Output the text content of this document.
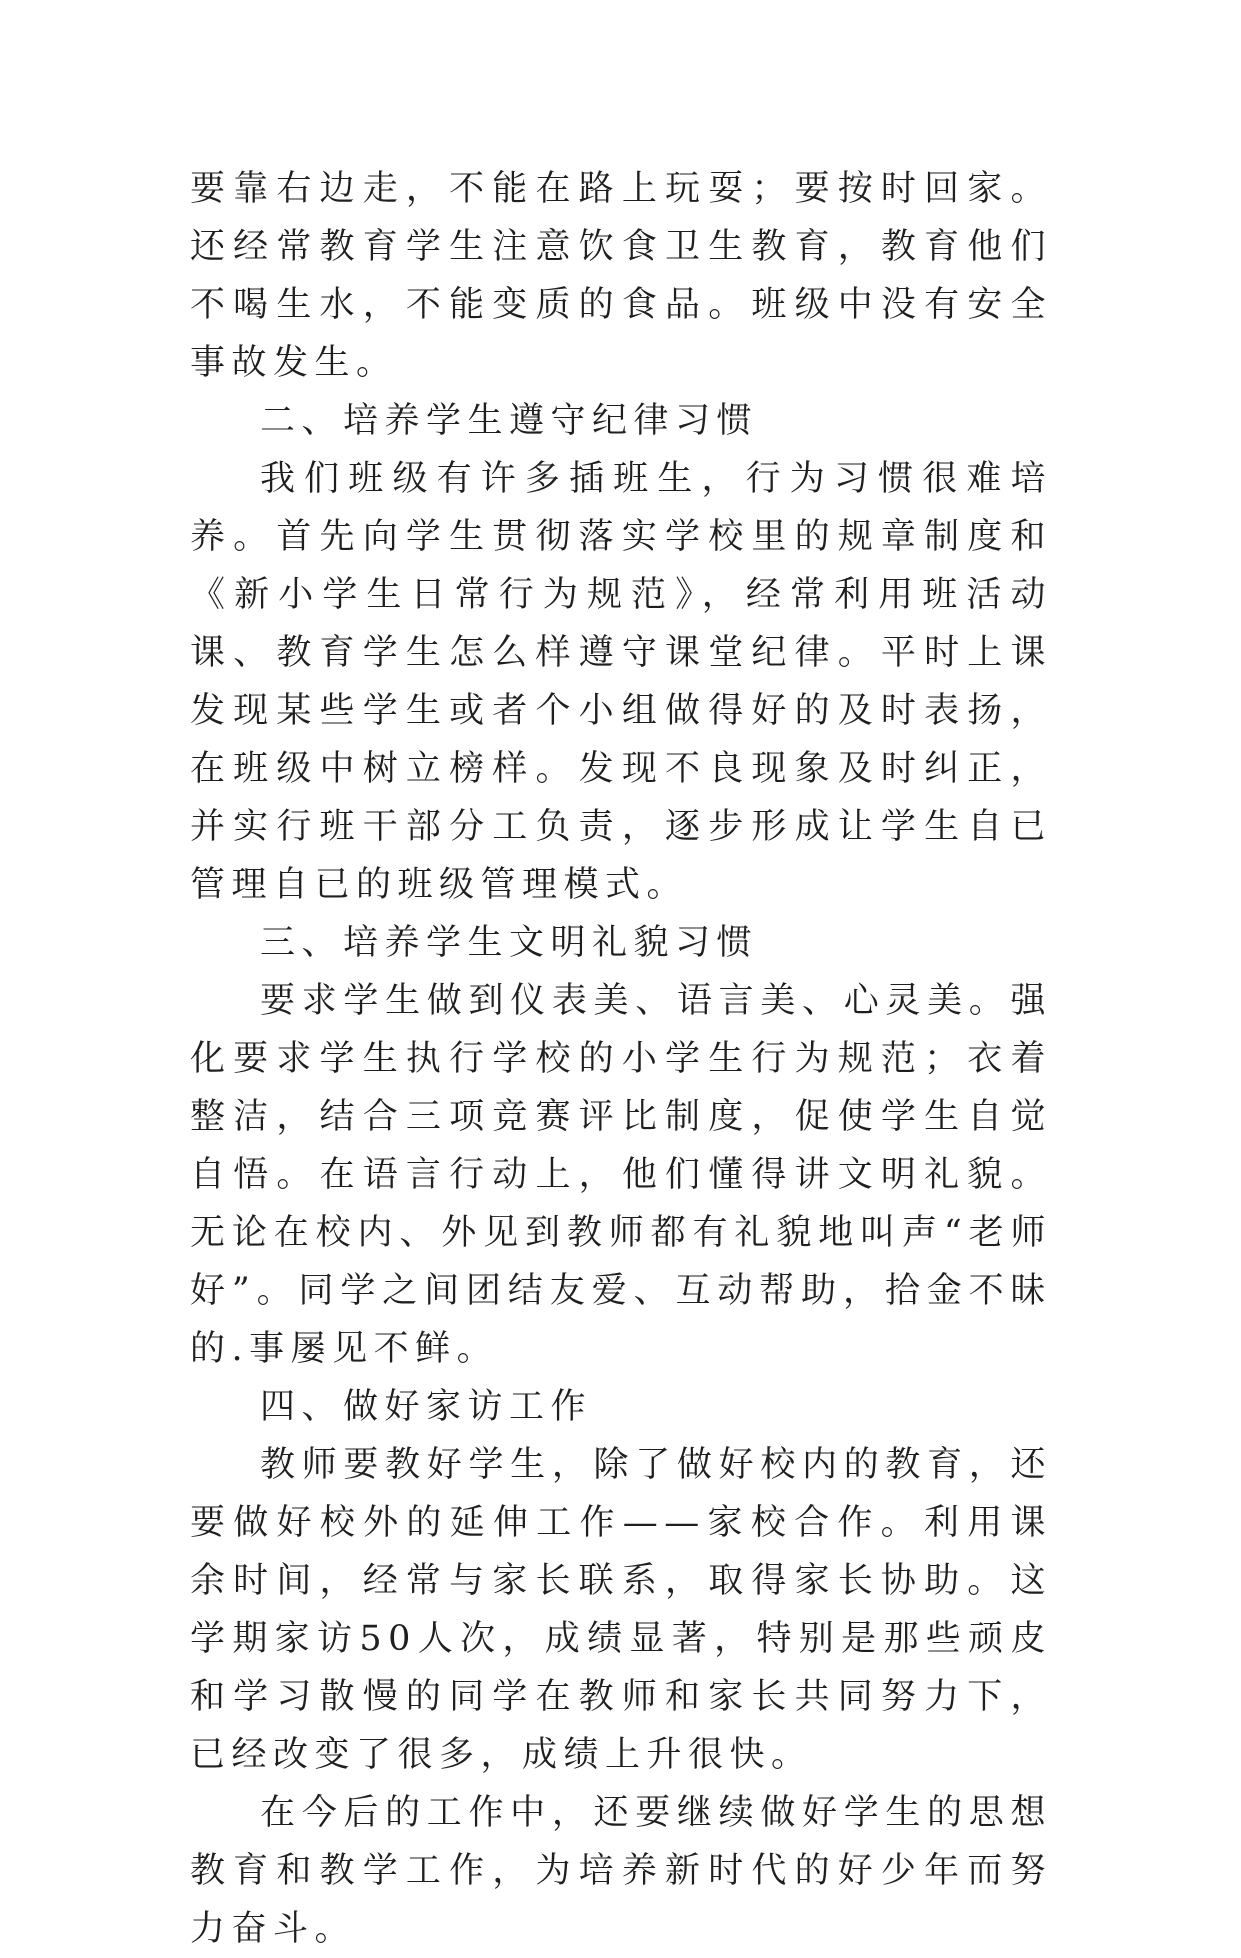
要靠右边走，不能在路上玩耍；要按时回家。还经常教育学生注意饮食卫生教育，教育他们不喝生水，不能变质的食品。班级中没有安全事故发生。

二、培养学生遵守纪律习惯

我们班级有许多插班生，行为习惯很难培养。首先向学生贯彻落实学校里的规章制度和《新小学生日常行为规范》，经常利用班活动课、教育学生怎么样遵守课堂纪律。平时上课发现某些学生或者个小组做得好的及时表扬，在班级中树立榜样。发现不良现象及时纠正，并实行班干部分工负责，逐步形成让学生自已管理自已的班级管理模式。

三、培养学生文明礼貌习惯

要求学生做到仪表美、语言美、心灵美。强化要求学生执行学校的小学生行为规范；衣着整洁，结合三项竞赛评比制度，促使学生自觉自悟。在语言行动上，他们懂得讲文明礼貌。无论在校内、外见到教师都有礼貌地叫声“老师好”。同学之间团结友爱、互动帮助，拾金不昧的.事屡见不鲜。

四、做好家访工作

教师要教好学生，除了做好校内的教育，还要做好校外的延伸工作——家校合作。利用课余时间，经常与家长联系，取得家长协助。这学期家访50人次，成绩显著，特别是那些顽皮和学习散慢的同学在教师和家长共同努力下，已经改变了很多，成绩上升很快。

在今后的工作中，还要继续做好学生的思想教育和教学工作，为培养新时代的好少年而努力奋斗。
